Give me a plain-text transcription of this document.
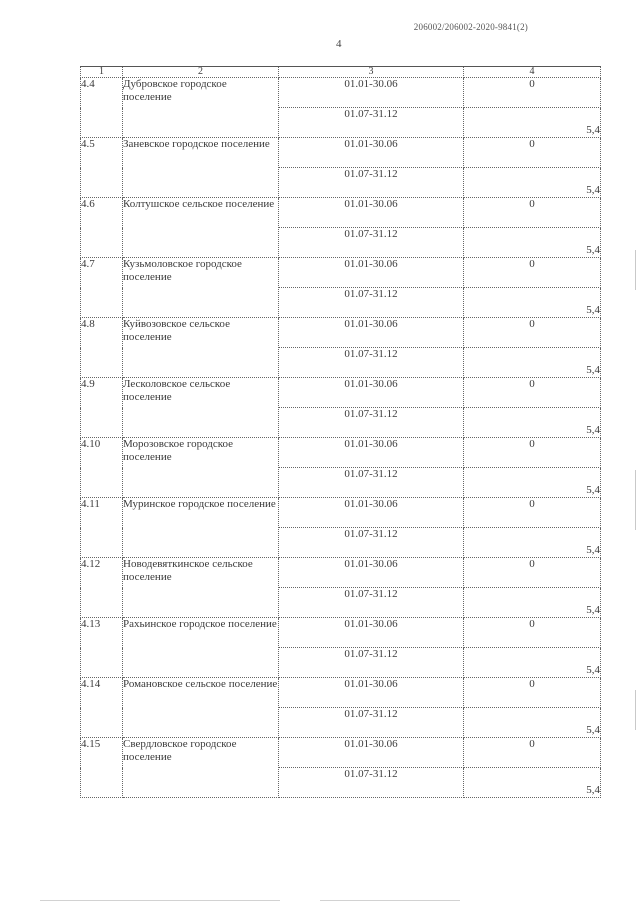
206002/206002-2020-9841(2)
4
1	2	3	4
4.4	Дубровское городское поселение	01.01-30.06	0
		01.07-31.12	5,4
4.5	Заневское городское поселение	01.01-30.06	0
		01.07-31.12	5,4
4.6	Колтушское сельское поселение	01.01-30.06	0
		01.07-31.12	5,4
4.7	Кузьмоловское городское поселение	01.01-30.06	0
		01.07-31.12	5,4
4.8	Куйвозовское сельское поселение	01.01-30.06	0
		01.07-31.12	5,4
4.9	Лесколовское сельское поселение	01.01-30.06	0
		01.07-31.12	5,4
4.10	Морозовское городское поселение	01.01-30.06	0
		01.07-31.12	5,4
4.11	Муринское городское поселение	01.01-30.06	0
		01.07-31.12	5,4
4.12	Новодевяткинское сельское поселение	01.01-30.06	0
		01.07-31.12	5,4
4.13	Рахьинское городское поселение	01.01-30.06	0
		01.07-31.12	5,4
4.14	Романовское сельское поселение	01.01-30.06	0
		01.07-31.12	5,4
4.15	Свердловское городское поселение	01.01-30.06	0
		01.07-31.12	5,4
